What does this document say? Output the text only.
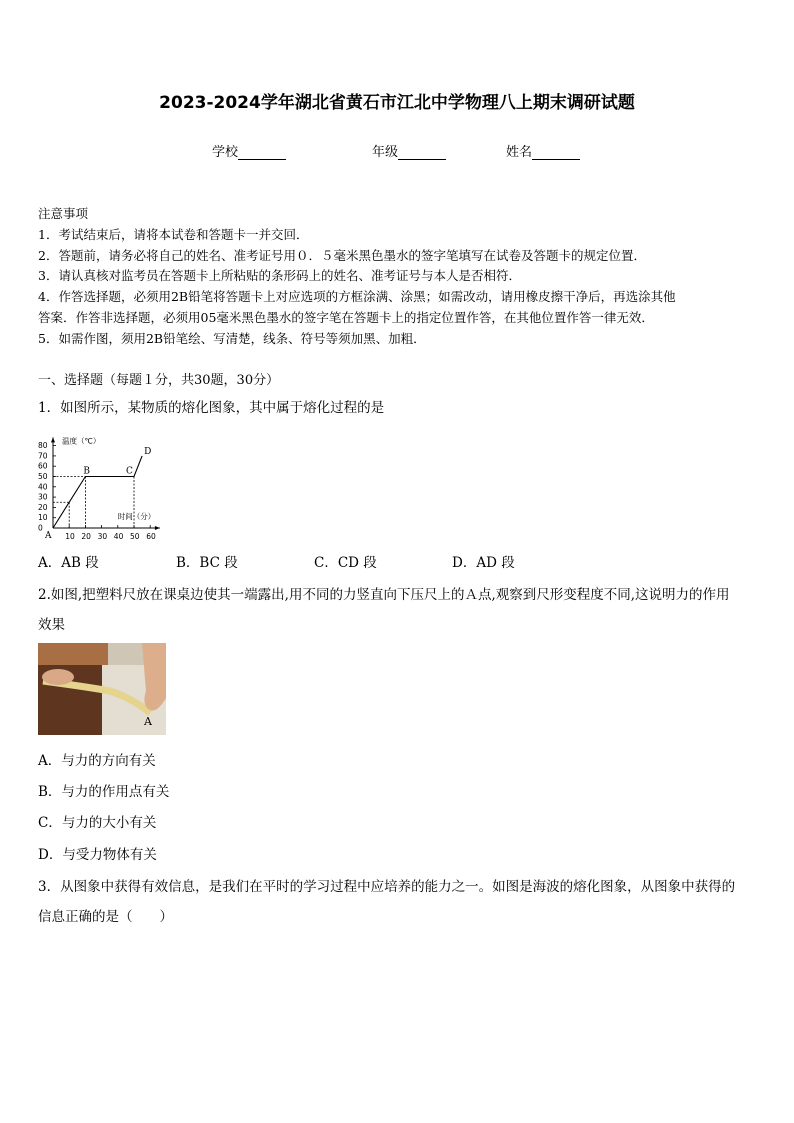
2023-2024学年湖北省黄石市江北中学物理八上期末调研试题
学校	年级	姓名
注意事项
1．考试结束后，请将本试卷和答题卡一并交回．
2．答题前，请务必将自己的姓名、准考证号用０．５毫米黑色墨水的签字笔填写在试卷及答题卡的规定位置．
3．请认真核对监考员在答题卡上所粘贴的条形码上的姓名、准考证号与本人是否相符．
4．作答选择题，必须用2B铅笔将答题卡上对应选项的方框涂满、涂黑；如需改动，请用橡皮擦干净后，再选涂其他
答案．作答非选择题，必须用05毫米黑色墨水的签字笔在答题卡上的指定位置作答，在其他位置作答一律无效．
5．如需作图，须用2B铅笔绘、写清楚，线条、符号等须加黑、加粗．
一、选择题（每题１分，共30题，30分）
1．如图所示，某物质的熔化图象，其中属于熔化过程的是
0
10
20
30
40
50
60
70
80
10 20 30 40 50 60
温度（℃）
时间（分）
A
B	C
D
A．AB 段	B．BC 段	C．CD 段	D．AD 段
2.如图,把塑料尺放在课桌边使其一端露出,用不同的力竖直向下压尺上的Ａ点,观察到尺形变程度不同,这说明力的作用
效果
A
A．与力的方向有关
B．与力的作用点有关
C．与力的大小有关
D．与受力物体有关
3．从图象中获得有效信息，是我们在平时的学习过程中应培养的能力之一。如图是海波的熔化图象，从图象中获得的
信息正确的是（　　）
